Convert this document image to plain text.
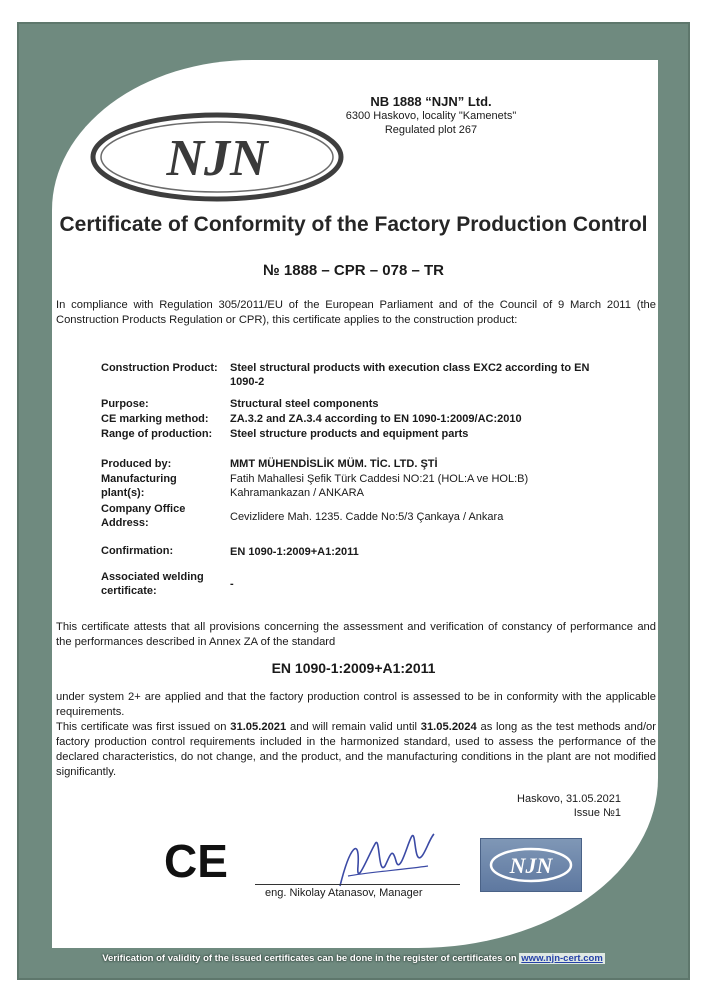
NJN
NB 1888 “NJN” Ltd.
6300 Haskovo, locality "Kamenets"
Regulated plot 267
Certificate of Conformity of the Factory Production Control
№ 1888 – CPR – 078 – TR
In compliance with Regulation 305/2011/EU of the European Parliament and of the Council of 9 March 2011 (the Construction Products Regulation or CPR), this certificate applies to the construction product:
Construction Product:	Steel structural products with execution class EXC2 according to EN 1090-2
Purpose:	Structural steel components
CE marking method:	ZA.3.2 and ZA.3.4 according to EN 1090-1:2009/AC:2010
Range of production:	Steel structure products and equipment parts
Produced by:	MMT MÜHENDİSLİK MÜM. TİC. LTD. ŞTİ
Manufacturing plant(s):
Fatih Mahallesi Şefik Türk Caddesi NO:21 (HOL:A ve HOL:B)
Kahramankazan / ANKARA
Company Office Address:	Cevizlidere Mah. 1235. Cadde No:5/3 Çankaya / Ankara
Confirmation:	EN 1090-1:2009+A1:2011
Associated welding certificate:
-
This certificate attests that all provisions concerning the assessment and verification of constancy of performance and the performances described in Annex ZA of the standard
EN 1090-1:2009+A1:2011
under system 2+ are applied and that the factory production control is assessed to be in conformity with the applicable requirements.
This certificate was first issued on 31.05.2021 and will remain valid until 31.05.2024 as long as the test methods and/or factory production control requirements included in the harmonized standard, used to assess the performance of the declared characteristics, do not change, and the product, and the manufacturing conditions in the plant are not modified significantly.
Haskovo, 31.05.2021
Issue №1
CE
eng. Nikolay Atanasov, Manager
NJN
Verification of validity of the issued certificates can be done in the register of certificates on www.njn-cert.com
